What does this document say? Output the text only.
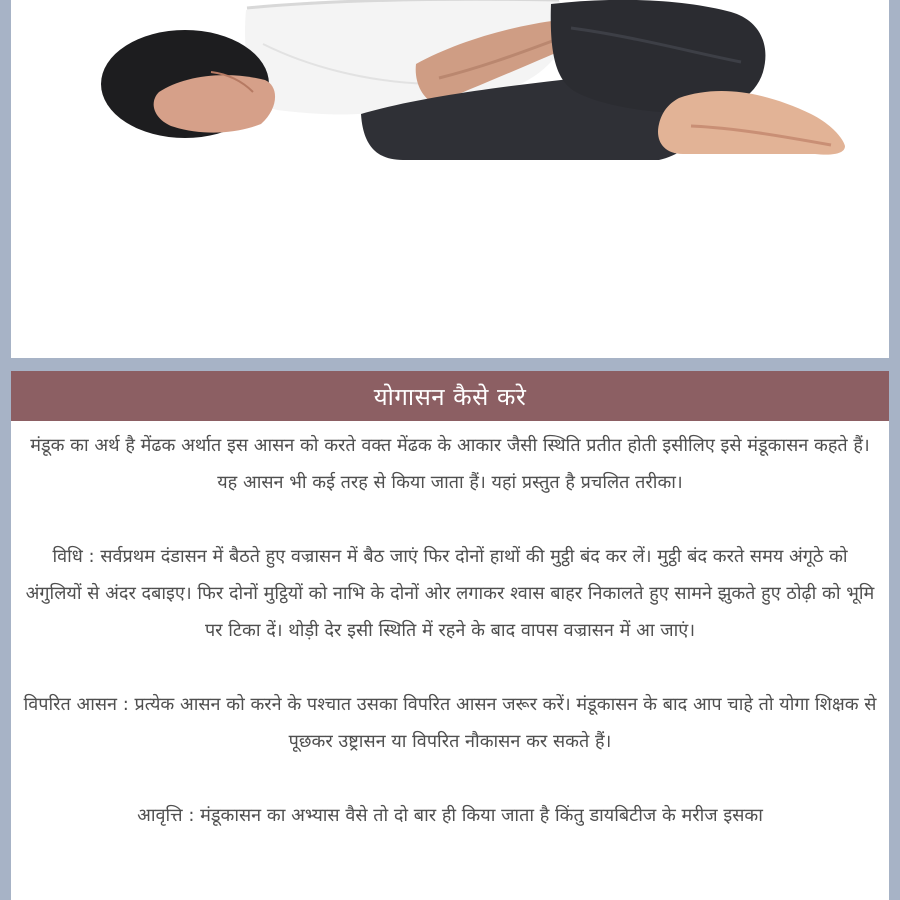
योगासन कैसे करे

मंडूक का अर्थ है मेंढक अर्थात इस आसन को करते वक्त मेंढक के आकार जैसी स्थिति प्रतीत होती इसीलिए इसे मंडूकासन कहते हैं। यह आसन भी कई तरह से किया जाता हैं। यहां प्रस्तुत है प्रचलित तरीका।

विधि : सर्वप्रथम दंडासन में बैठते हुए वज्रासन में बैठ जाएं फिर दोनों हाथों की मुट्ठी बंद कर लें। मुट्ठी बंद करते समय अंगूठे को अंगुलियों से अंदर दबाइए। फिर दोनों मुट्ठियों को नाभि के दोनों ओर लगाकर श्वास बाहर निकालते हुए सामने झुकते हुए ठोढ़ी को भूमि पर टिका दें। थोड़ी देर इसी स्थिति में रहने के बाद वापस वज्रासन में आ जाएं।

विपरित आसन : प्रत्येक आसन को करने के पश्चात उसका विपरित आसन जरूर करें। मंडूकासन के बाद आप चाहे तो योगा शिक्षक से पूछकर उष्ट्रासन या विपरित नौकासन कर सकते हैं।

आवृत्ति : मंडूकासन का अभ्यास वैसे तो दो बार ही किया जाता है किंतु डायबिटीज के मरीज इसका
